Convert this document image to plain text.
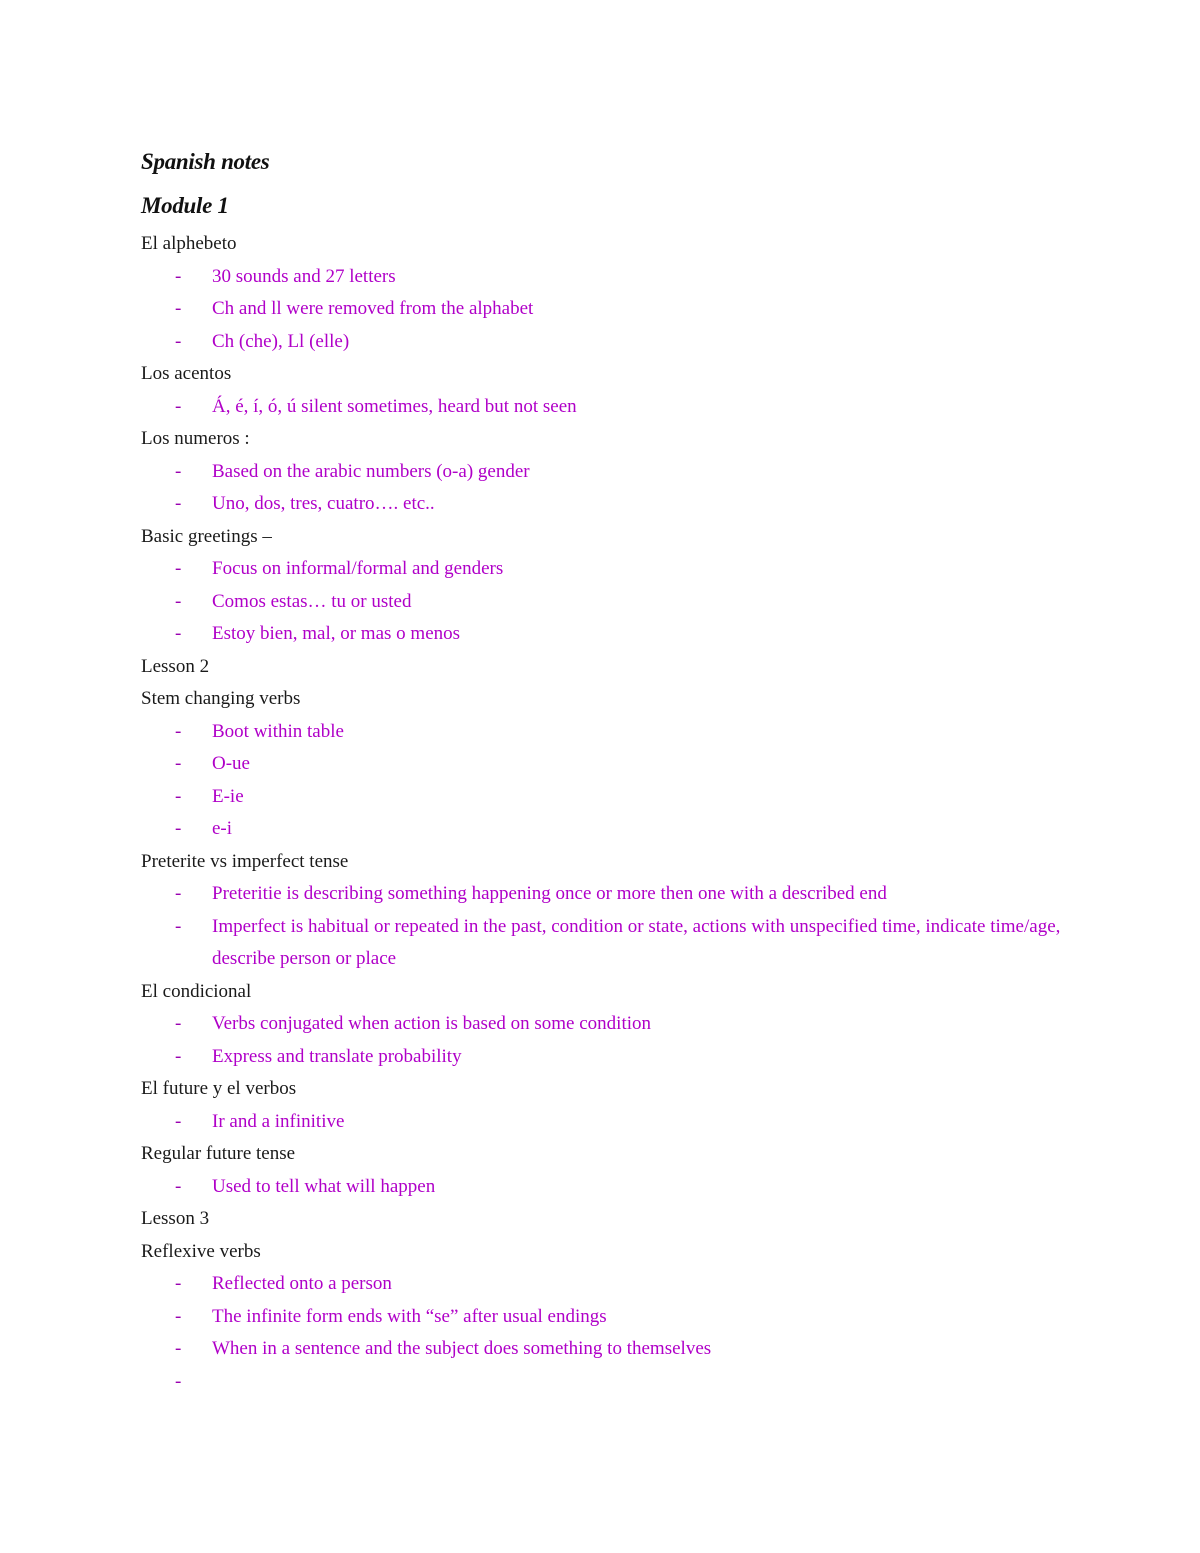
Spanish notes
Module 1
El alphebeto
- 30 sounds and 27 letters
- Ch and ll were removed from the alphabet
- Ch (che), Ll (elle)
Los acentos
- Á, é, í, ó, ú silent sometimes, heard but not seen
Los numeros :
- Based on the arabic numbers (o-a) gender
- Uno, dos, tres, cuatro…. etc..
Basic greetings –
- Focus on informal/formal and genders
- Comos estas… tu or usted
- Estoy bien, mal, or mas o menos
Lesson 2
Stem changing verbs
- Boot within table
- O-ue
- E-ie
- e-i
Preterite vs imperfect tense
- Preteritie is describing something happening once or more then one with a described end
- Imperfect is habitual or repeated in the past, condition or state, actions with unspecified time, indicate time/age, describe person or place
El condicional
- Verbs conjugated when action is based on some condition
- Express and translate probability
El future y el verbos
- Ir and a infinitive
Regular future tense
- Used to tell what will happen
Lesson 3
Reflexive verbs
- Reflected onto a person
- The infinite form ends with “se” after usual endings
- When in a sentence and the subject does something to themselves
-
